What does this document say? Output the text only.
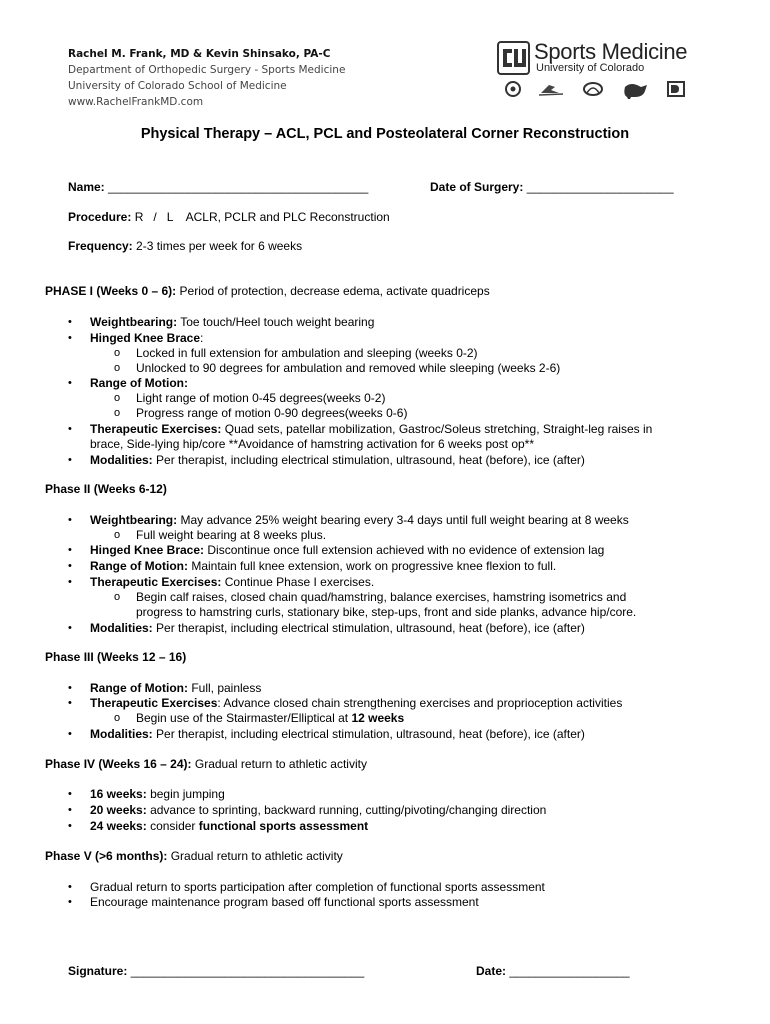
Rachel M. Frank, MD & Kevin Shinsako, PA-C
Department of Orthopedic Surgery - Sports Medicine
University of Colorado School of Medicine
www.RachelFrankMD.com
Sports Medicine
University of Colorado
Physical Therapy – ACL, PCL and Posteolateral Corner Reconstruction
Name: _______________________________________	Date of Surgery: ______________________
Procedure: R   /   L    ACLR, PCLR and PLC Reconstruction
Frequency: 2-3 times per week for 6 weeks
PHASE I (Weeks 0 – 6): Period of protection, decrease edema, activate quadriceps
• Weightbearing: Toe touch/Heel touch weight bearing
• Hinged Knee Brace:
o Locked in full extension for ambulation and sleeping (weeks 0-2)
o Unlocked to 90 degrees for ambulation and removed while sleeping (weeks 2-6)
• Range of Motion:
o Light range of motion 0-45 degrees(weeks 0-2)
o Progress range of motion 0-90 degrees(weeks 0-6)
• Therapeutic Exercises: Quad sets, patellar mobilization, Gastroc/Soleus stretching, Straight-leg raises in
brace, Side-lying hip/core **Avoidance of hamstring activation for 6 weeks post op**
• Modalities: Per therapist, including electrical stimulation, ultrasound, heat (before), ice (after)
Phase II (Weeks 6-12)
• Weightbearing: May advance 25% weight bearing every 3-4 days until full weight bearing at 8 weeks
o Full weight bearing at 8 weeks plus.
• Hinged Knee Brace: Discontinue once full extension achieved with no evidence of extension lag
• Range of Motion: Maintain full knee extension, work on progressive knee flexion to full.
• Therapeutic Exercises: Continue Phase I exercises.
o Begin calf raises, closed chain quad/hamstring, balance exercises, hamstring isometrics and
progress to hamstring curls, stationary bike, step-ups, front and side planks, advance hip/core.
• Modalities: Per therapist, including electrical stimulation, ultrasound, heat (before), ice (after)
Phase III (Weeks 12 – 16)
• Range of Motion: Full, painless
• Therapeutic Exercises: Advance closed chain strengthening exercises and proprioception activities
o Begin use of the Stairmaster/Elliptical at 12 weeks
• Modalities: Per therapist, including electrical stimulation, ultrasound, heat (before), ice (after)
Phase IV (Weeks 16 – 24): Gradual return to athletic activity
• 16 weeks: begin jumping
• 20 weeks: advance to sprinting, backward running, cutting/pivoting/changing direction
• 24 weeks: consider functional sports assessment
Phase V (>6 months): Gradual return to athletic activity
• Gradual return to sports participation after completion of functional sports assessment
• Encourage maintenance program based off functional sports assessment
Signature: ___________________________________	Date: __________________
